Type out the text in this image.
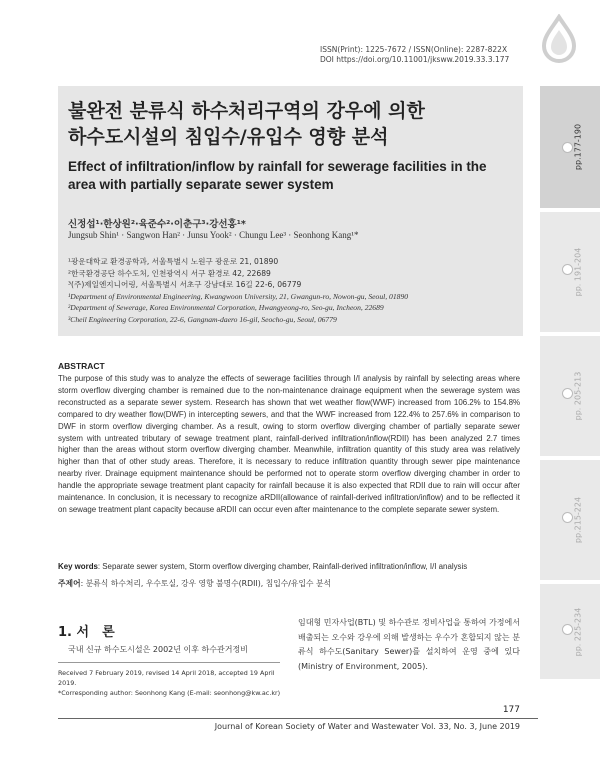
ISSN(Print): 1225-7672 / ISSN(Online): 2287-822X
DOI https://doi.org/10.11001/jksww.2019.33.3.177
불완전 분류식 하수처리구역의 강우에 의한
하수도시설의 침입수/유입수 영향 분석
Effect of infiltration/inflow by rainfall for sewerage facilities in the area with partially separate sewer system
신정섭¹·한상원²·육준수²·이춘구³·강선홍¹*
Jungsub Shin¹ · Sangwon Han² · Junsu Yook² · Chungu Lee³ · Seonhong Kang¹*
¹광운대학교 환경공학과, 서울특별시 노원구 광운로 21, 01890
²한국환경공단 하수도처, 인천광역시 서구 환경로 42, 22689
³(주)제일엔지니어링, 서울특별시 서초구 강남대로 16길 22-6, 06779
¹Department of Environmental Engineering, Kwangwoon University, 21, Gwangun-ro, Nowon-gu, Seoul, 01890
²Department of Sewerage, Korea Environmental Corporation, Hwangyeong-ro, Seo-gu, Incheon, 22689
³Cheil Engineering Corporation, 22-6, Gangnam-daero 16-gil, Seocho-gu, Seoul, 06779
pp.177-190
pp. 191-204
pp. 205-213
pp.215-224
pp. 225-234
ABSTRACT
The purpose of this study was to analyze the effects of sewerage facilities through I/I analysis by rainfall by selecting areas where storm overflow diverging chamber is remained due to the non-maintenance drainage equipment when the sewerage system was reconstructed as a separate sewer system. Research has shown that wet weather flow(WWF) increased from 106.2% to 154.8% compared to dry weather flow(DWF) in intercepting sewers, and that the WWF increased from 122.4% to 257.6% in comparison to DWF in storm overflow diverging chamber. As a result, owing to storm overflow diverging chamber of partially separate sewer system with untreated tributary of sewage treatment plant, rainfall-derived infiltration/inflow(RDII) has been analyzed 2.7 times higher than the areas without storm overflow diverging chamber. Meanwhile, infiltration quantity of this study area was relatively higher than that of other study areas. Therefore, it is necessary to reduce infiltration quantity through sewer pipe maintenance nearby river. Drainage equipment maintenance should be performed not to operate storm overflow diverging chamber in order to handle the appropriate sewage treatment plant capacity for rainfall because it is also expected that RDII due to rain will occur after maintenance. In conclusion, it is necessary to recognize aRDII(allowance of rainfall-derived infiltration/inflow) and to be reflected it on sewage treatment plant capacity because aRDII can occur even after maintenance to the complete separate sewer system.
Key words: Separate sewer system, Storm overflow diverging chamber, Rainfall-derived infiltration/inflow, I/I analysis
주제어: 분류식 하수처리, 우수토실, 강우 영향 불명수(RDII), 침입수/유입수 분석
1. 서　론
국내 신규 하수도시설은 2002년 이후 하수관거정비
임대형 민자사업(BTL) 및 하수관로 정비사업을 통하여 가정에서 배출되는 오수와 강우에 의해 발생하는 우수가 혼합되지 않는 분류식 하수도(Sanitary Sewer)를 설치하여 운영 중에 있다 (Ministry of Environment, 2005).
Received 7 February 2019, revised 14 April 2018, accepted 19 April 2019.
*Corresponding author: Seonhong Kang (E-mail: seonhong@kw.ac.kr)
177
Journal of Korean Society of Water and Wastewater Vol. 33, No. 3, June 2019
